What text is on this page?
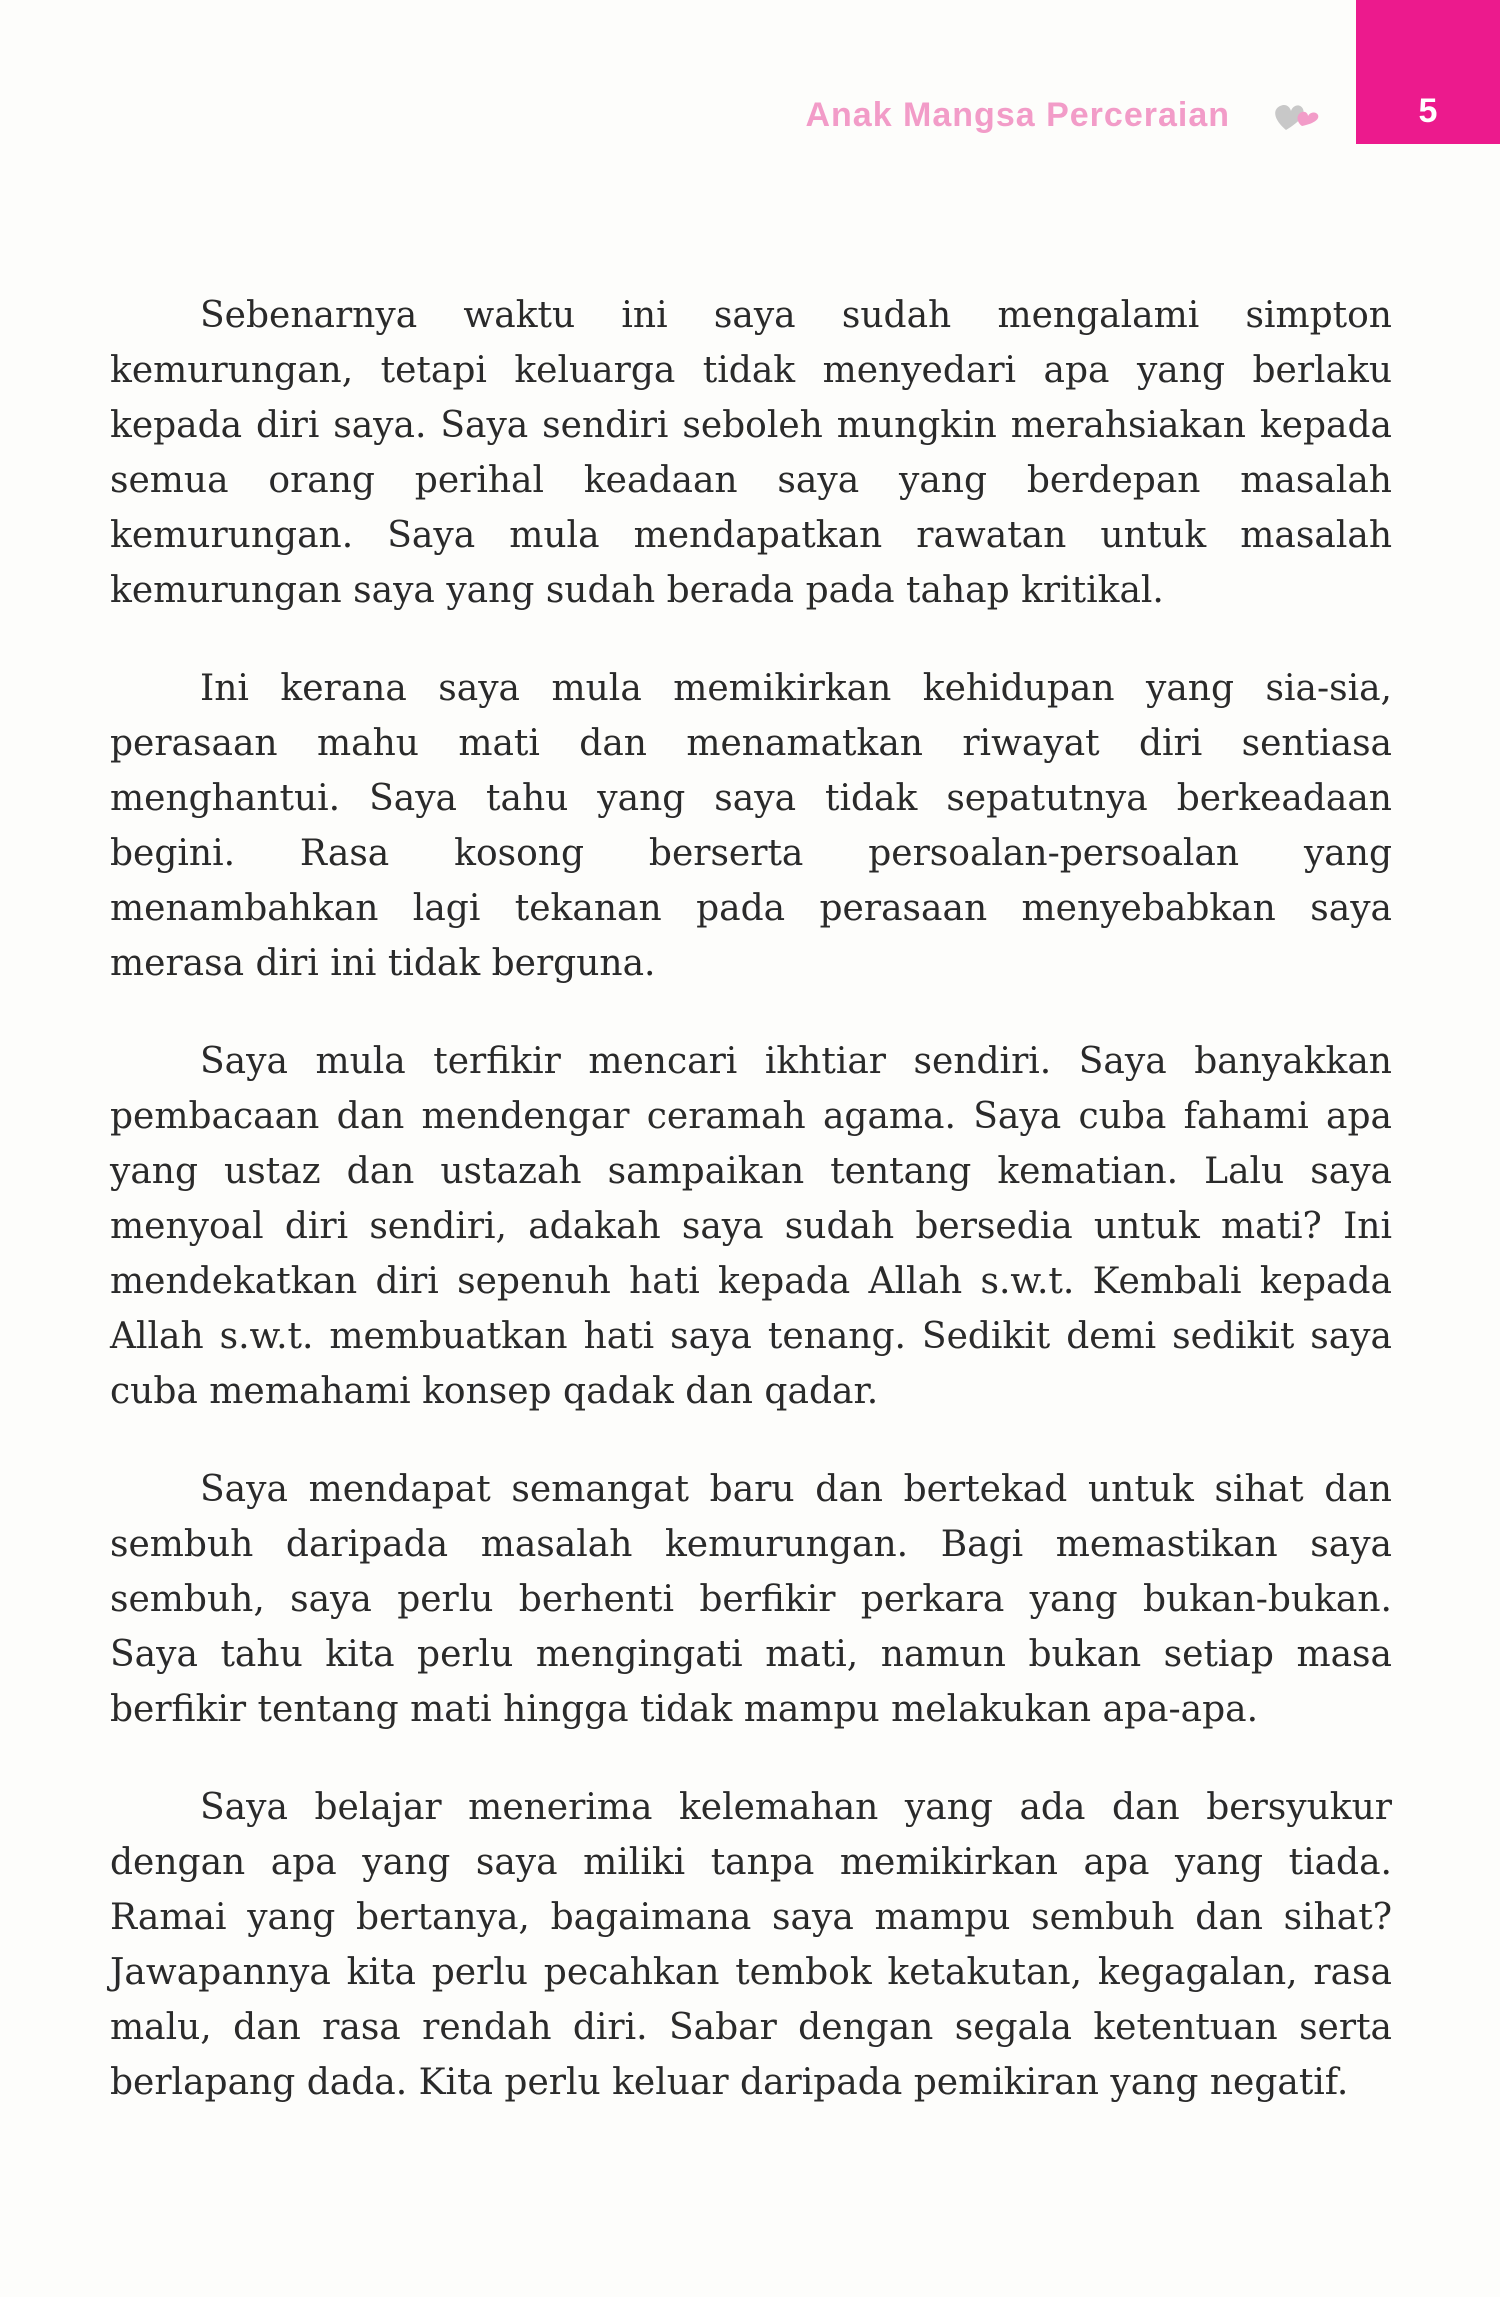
Anak Mangsa Perceraian	5

Sebenarnya waktu ini saya sudah mengalami simpton kemurungan, tetapi keluarga tidak menyedari apa yang berlaku kepada diri saya. Saya sendiri seboleh mungkin merahsiakan kepada semua orang perihal keadaan saya yang berdepan masalah kemurungan. Saya mula mendapatkan rawatan untuk masalah kemurungan saya yang sudah berada pada tahap kritikal.

Ini kerana saya mula memikirkan kehidupan yang sia-sia, perasaan mahu mati dan menamatkan riwayat diri sentiasa menghantui. Saya tahu yang saya tidak sepatutnya berkeadaan begini. Rasa kosong berserta persoalan-persoalan yang menambahkan lagi tekanan pada perasaan menyebabkan saya merasa diri ini tidak berguna.

Saya mula terfikir mencari ikhtiar sendiri. Saya banyakkan pembacaan dan mendengar ceramah agama. Saya cuba fahami apa yang ustaz dan ustazah sampaikan tentang kematian. Lalu saya menyoal diri sendiri, adakah saya sudah bersedia untuk mati? Ini mendekatkan diri sepenuh hati kepada Allah s.w.t. Kembali kepada Allah s.w.t. membuatkan hati saya tenang. Sedikit demi sedikit saya cuba memahami konsep qadak dan qadar.

Saya mendapat semangat baru dan bertekad untuk sihat dan sembuh daripada masalah kemurungan. Bagi memastikan saya sembuh, saya perlu berhenti berfikir perkara yang bukan-bukan. Saya tahu kita perlu mengingati mati, namun bukan setiap masa berfikir tentang mati hingga tidak mampu melakukan apa-apa.

Saya belajar menerima kelemahan yang ada dan bersyukur dengan apa yang saya miliki tanpa memikirkan apa yang tiada. Ramai yang bertanya, bagaimana saya mampu sembuh dan sihat? Jawapannya kita perlu pecahkan tembok ketakutan, kegagalan, rasa malu, dan rasa rendah diri. Sabar dengan segala ketentuan serta berlapang dada. Kita perlu keluar daripada pemikiran yang negatif.
